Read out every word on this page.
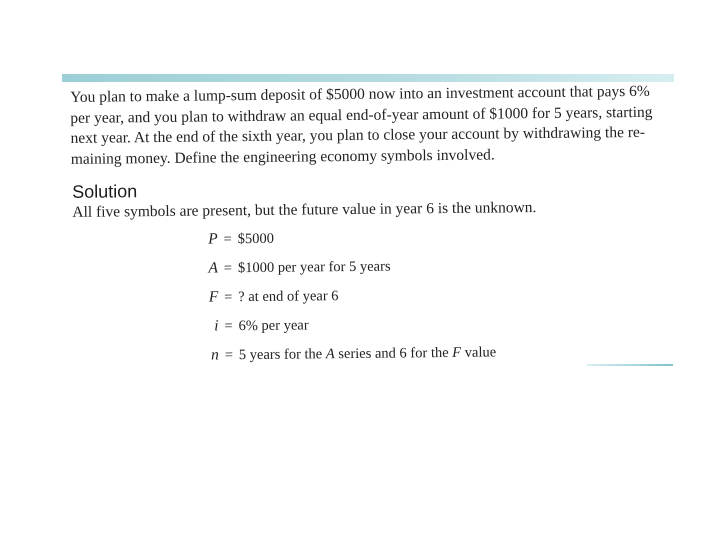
You plan to make a lump-sum deposit of $5000 now into an investment account that pays 6%
per year, and you plan to withdraw an equal end-of-year amount of $1000 for 5 years, starting
next year. At the end of the sixth year, you plan to close your account by withdrawing the re-
maining money. Define the engineering economy symbols involved.

Solution

All five symbols are present, but the future value in year 6 is the unknown.

P = $5000
A = $1000 per year for 5 years
F = ? at end of year 6
i = 6% per year
n = 5 years for the A series and 6 for the F value
